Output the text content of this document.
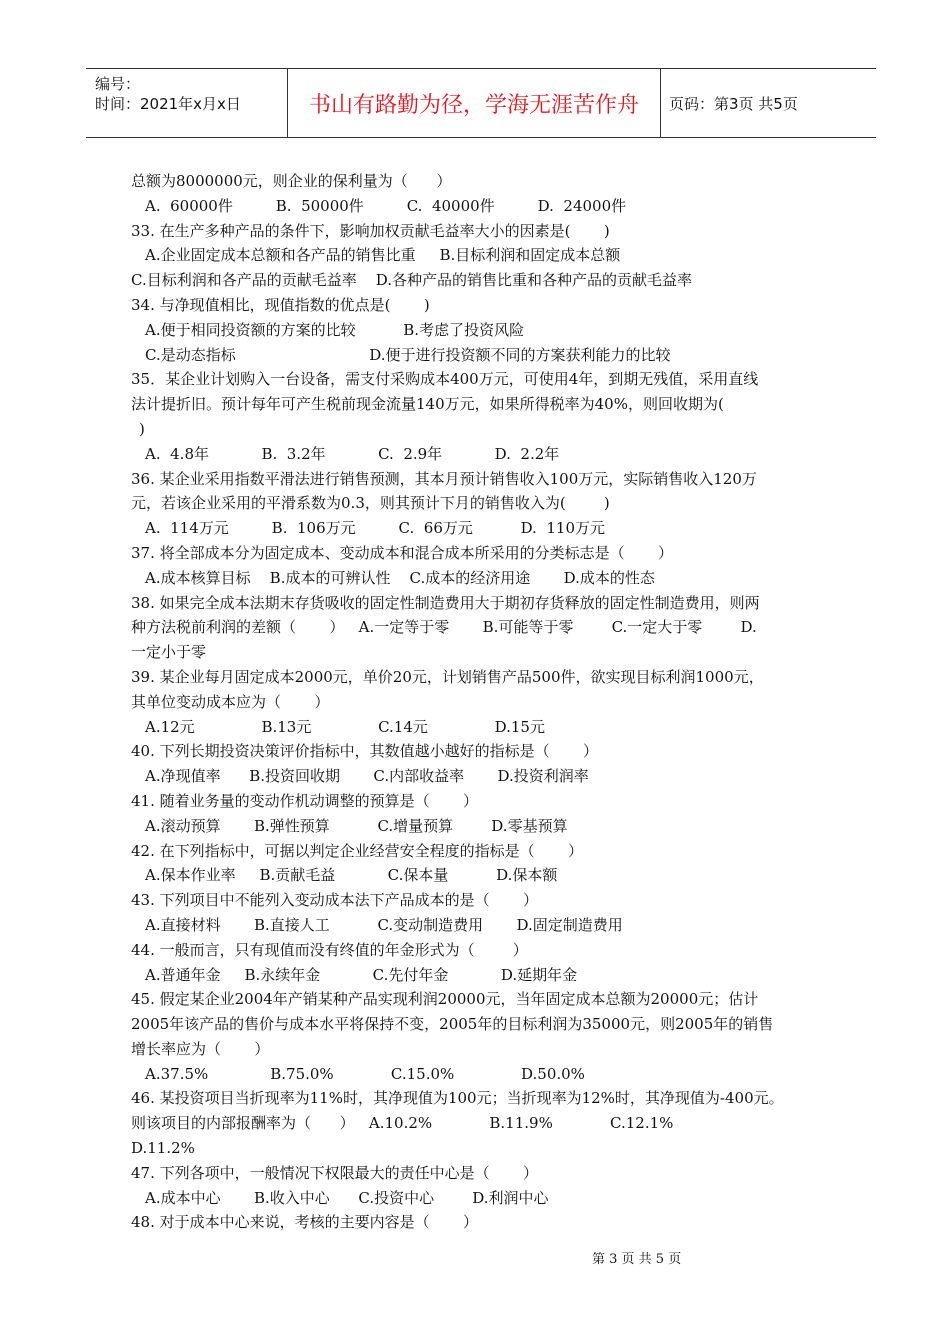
编号：
时间：2021年x月x日	书山有路勤为径，学海无涯苦作舟	页码：第3页 共5页
总额为8000000元，则企业的保利量为（      ）
A.  60000件         B.  50000件         C.  40000件         D.  24000件
33. 在生产多种产品的条件下，影响加权贡献毛益率大小的因素是(       )
A.企业固定成本总额和各产品的销售比重     B.目标利润和固定成本总额
C.目标利润和各产品的贡献毛益率    D.各种产品的销售比重和各种产品的贡献毛益率
34. 与净现值相比，现值指数的优点是(       )
A.便于相同投资额的方案的比较          B.考虑了投资风险
C.是动态指标                            D.便于进行投资额不同的方案获利能力的比较
35．某企业计划购入一台设备，需支付采购成本400万元，可使用4年，到期无残值，采用直线
法计提折旧。预计每年可产生税前现金流量140万元，如果所得税率为40%，则回收期为(
)
A.  4.8年           B.  3.2年           C.  2.9年           D.  2.2年
36. 某企业采用指数平滑法进行销售预测，其本月预计销售收入100万元，实际销售收入120万
元，若该企业采用的平滑系数为0.3，则其预计下月的销售收入为(        )
A.  114万元         B.  106万元         C.  66万元          D.  110万元
37. 将全部成本分为固定成本、变动成本和混合成本所采用的分类标志是（       ）
A.成本核算目标    B.成本的可辨认性    C.成本的经济用途       D.成本的性态
38. 如果完全成本法期末存货吸收的固定性制造费用大于期初存货释放的固定性制造费用，则两
种方法税前利润的差额（       ）   A.一定等于零       B.可能等于零        C.一定大于零        D.
一定小于零
39. 某企业每月固定成本2000元，单价20元，计划销售产品500件，欲实现目标利润1000元，
其单位变动成本应为（       ）
A.12元              B.13元              C.14元              D.15元
40. 下列长期投资决策评价指标中，其数值越小越好的指标是（       ）
A.净现值率      B.投资回收期       C.内部收益率       D.投资利润率
41. 随着业务量的变动作机动调整的预算是（       ）
A.滚动预算       B.弹性预算          C.增量预算        D.零基预算
42. 在下列指标中，可据以判定企业经营安全程度的指标是（       ）
A.保本作业率     B.贡献毛益           C.保本量          D.保本额
43. 下列项目中不能列入变动成本法下产品成本的是（       ）
A.直接材料       B.直接人工          C.变动制造费用       D.固定制造费用
44. 一般而言，只有现值而没有终值的年金形式为（        ）
A.普通年金     B.永续年金           C.先付年金           D.延期年金
45. 假定某企业2004年产销某种产品实现利润20000元，当年固定成本总额为20000元；估计
2005年该产品的售价与成本水平将保持不变，2005年的目标利润为35000元，则2005年的销售
增长率应为（       ）
A.37.5%             B.75.0%            C.15.0%              D.50.0%
46. 某投资项目当折现率为11%时，其净现值为100元；当折现率为12%时，其净现值为-400元。
则该项目的内部报酬率为（      ）   A.10.2%            B.11.9%            C.12.1%
D.11.2%
47. 下列各项中，一般情况下权限最大的责任中心是（       ）
A.成本中心       B.收入中心      C.投资中心        D.利润中心
48. 对于成本中心来说，考核的主要内容是（       ）
第 3 页 共 5 页
